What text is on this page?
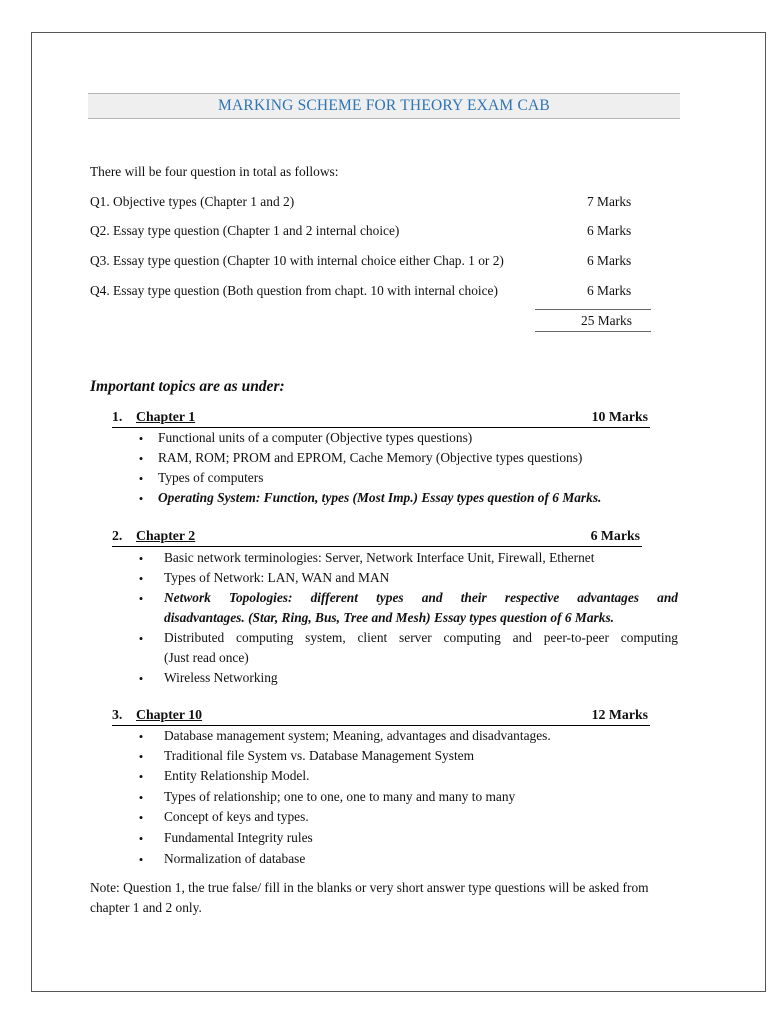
MARKING SCHEME FOR THEORY EXAM CAB
There will be four question in total as follows:
Q1. Objective types (Chapter 1 and 2)	7 Marks
Q2. Essay type question (Chapter 1 and 2 internal choice)	6 Marks
Q3. Essay type question (Chapter 10 with internal choice either Chap. 1 or 2)	6 Marks
Q4. Essay type question (Both question from chapt. 10 with internal choice)	6 Marks
25 Marks
Important topics are as under:
1. Chapter 1	10 Marks
•	Functional units of a computer (Objective types questions)
•	RAM, ROM; PROM and EPROM, Cache Memory (Objective types questions)
•	Types of computers
•	Operating System: Function, types (Most Imp.) Essay types question of 6 Marks.
2. Chapter 2	6 Marks
•	Basic network terminologies: Server, Network Interface Unit, Firewall, Ethernet
•	Types of Network: LAN, WAN and MAN
•	Network Topologies: different types and their respective advantages and
disadvantages. (Star, Ring, Bus, Tree and Mesh) Essay types question of 6 Marks.
•	Distributed computing system, client server computing and peer-to-peer computing
(Just read once)
•	Wireless Networking
3. Chapter 10	12 Marks
•	Database management system; Meaning, advantages and disadvantages.
•	Traditional file System vs. Database Management System
•	Entity Relationship Model.
•	Types of relationship; one to one, one to many and many to many
•	Concept of keys and types.
•	Fundamental Integrity rules
•	Normalization of database
Note: Question 1, the true false/ fill in the blanks or very short answer type questions will be asked from chapter 1 and 2 only.
